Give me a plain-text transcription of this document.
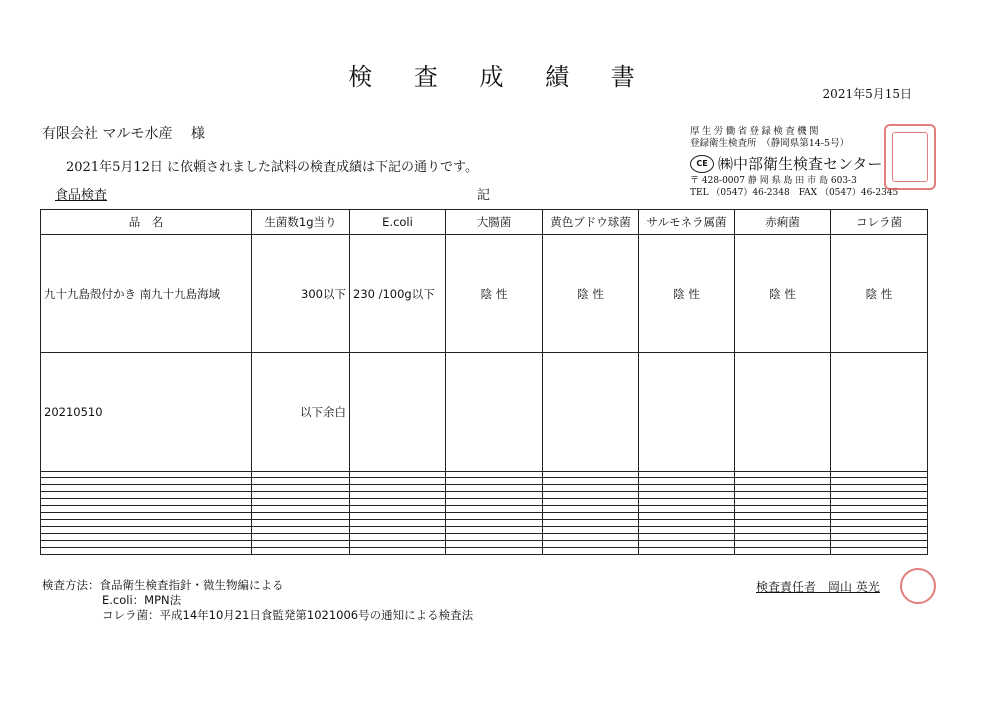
検 査 成 績 書
2021年5月15日
有限会社 マルモ水産　 様
2021年5月12日 に依頼されました試料の検査成績は下記の通りです。
食品検査	記
厚生労働省登録検査機関
登録衛生検査所　（静岡県第14-5号）
CE ㈱中部衛生検査センター
〒 428-0007 静 岡 県 島 田 市 島 603-3
TEL （0547）46-2348　FAX （0547）46-2345
品　名	生菌数1g当り	E.coli	大腸菌	黄色ブドウ球菌	サルモネラ属菌	赤痢菌	コレラ菌
九十九島殻付かき 南九十九島海域	300以下	230 /100g以下	陰 性	陰 性	陰 性	陰 性	陰 性
20210510	以下余白						

検査方法：食品衛生検査指針・微生物編による
E.coli：MPN法
コレラ菌：平成14年10月21日食監発第1021006号の通知による検査法
検査責任者　岡山 英光
